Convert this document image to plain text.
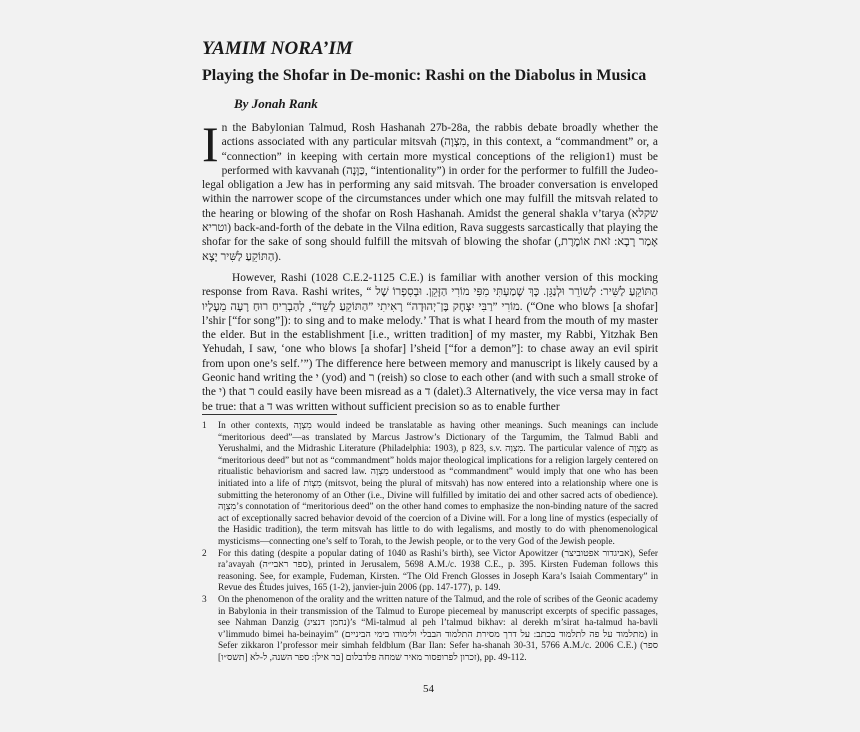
YAMIM NORA’IM
Playing the Shofar in De-monic: Rashi on the Diabolus in Musica
By Jonah Rank
I n the Babylonian Talmud, Rosh Hashanah 27b-28a, the rabbis debate broadly whether the actions associated with any particular mitsvah (מִצְוָה, in this context, a “commandment” or, a “connection” in keeping with certain more mystical conceptions of the religion1) must be performed with kavvanah (כַּוָּנָה, “intentionality”) in order for the performer to fulfill the Judeo-legal obligation a Jew has in performing any said mitsvah. The broader conversation is enveloped within the narrower scope of the circumstances under which one may fulfill the mitsvah related to the hearing or blowing of the shofar on Rosh Hashanah. Amidst the general shakla v’tarya (שקלא וטריא) back-and-forth of the debate in the Vilna edition, Rava suggests sarcastically that playing the shofar for the sake of song should fulfill the mitsvah of blowing the shofar (אָמַר רָבָא: זֹאת אוֹמֶרֶת, הַתּוֹקֵעַ לַשִּׁיר יָצָא).
However, Rashi (1028 C.E.2-1125 C.E.) is familiar with another version of this mocking response from Rava. Rashi writes, “ הַתּוֹקֵעַ לַשִּׁיר: לְשׁוֹרֵר וּלְנַגֵּן. כָּךְ שָׁמַעְתִּי מִפִּי מוֹרִי הַזָּקֵן. וּבְסִפְרוֹ שֶׁל מוֹרִי ”רַבִּי יִצְחָק בֶּן־יְהוּדָה“ רָאִיתִי ”הַתּוֹקֵעַ לְשֵׁד“, לְהַבְרִיחַ רוּחַ רָעָה מֵעָלָיו. (“One who blows [a shofar] l’shir [“for song”]): to sing and to make melody.’ That is what I heard from the mouth of my master the elder. But in the establishment [i.e., written tradition] of my master, my Rabbi, Yitzhak Ben Yehudah, I saw, ‘one who blows [a shofar] l’sheid [“for a demon”]: to chase away an evil spirit from upon one’s self.’”) The difference here between memory and manuscript is likely caused by a Geonic hand writing the י (yod) and ר (reish) so close to each other (and with such a small stroke of the י) that ר could easily have been misread as a ד (dalet).3 Alternatively, the vice versa may in fact be true: that a ד was written without sufficient precision so as to enable further
1	In other contexts, מִצְוָה would indeed be translatable as having other meanings. Such meanings can include “meritorious deed”—as translated by Marcus Jastrow’s Dictionary of the Targumim, the Talmud Babli and Yerushalmi, and the Midrashic Literature (Philadelphia: 1903), p 823, s.v. מִצְוָה. The particular valence of מִצְוָה as “meritorious deed” but not as “commandment” holds major theological implications for a religion largely centered on ritualistic behaviorism and sacred law. מִצְוָה understood as “commandment” would imply that one who has been initiated into a life of מִצְוֹת (mitsvot, being the plural of mitsvah) has now entered into a relationship where one is submitting the heteronomy of an Other (i.e., Divine will fulfilled by imitatio dei and other sacred acts of obedience). מִצְוָה’s connotation of “meritorious deed” on the other hand comes to emphasize the non-binding nature of the sacred act of exceptionally sacred behavior devoid of the coercion of a Divine will. For a long line of mystics (especially of the Hasidic tradition), the term mitsvah has little to do with legalisms, and mostly to do with phenomenological mysticisms—connecting one’s self to Torah, to the Jewish people, or to the very God of the Jewish people.
2	For this dating (despite a popular dating of 1040 as Rashi’s birth), see Victor Apowitzer (אביגדור אפטוביצר), Sefer ra’avayah (ספר ראבי״ה), printed in Jerusalem, 5698 A.M./c. 1938 C.E., p. 395. Kirsten Fudeman follows this reasoning. See, for example, Fudeman, Kirsten. “The Old French Glosses in Joseph Kara’s Isaiah Commentary” in Revue des Études juives, 165 (1-2), janvier-juin 2006 (pp. 147-177), p. 149.
3	On the phenomenon of the orality and the written nature of the Talmud, and the role of scribes of the Geonic academy in Babylonia in their transmission of the Talmud to Europe piecemeal by manuscript excerpts of specific passages, see Nahman Danzig (נחמן דנציג)’s “Mi-talmud al peh l’talmud bikhav: al derekh m’sirat ha-talmud ha-bavli v’limmudo bimei ha-beinayim” (מתלמוד על פה לתלמוד בכתב: על דרך מסירת התלמוד הבבלי ולימודו בימי הביניים) in Sefer zikkaron l’professor meir simhah feldblum (Bar Ilan: Sefer ha-shanah 30-31, 5766 A.M./c. 2006 C.E.) (ספר זכרון לפרופסור מאיר שמחה פלדבלום [בר אילן: ספר השנה, ל-לא [תשס״ו]), pp. 49-112.
54
